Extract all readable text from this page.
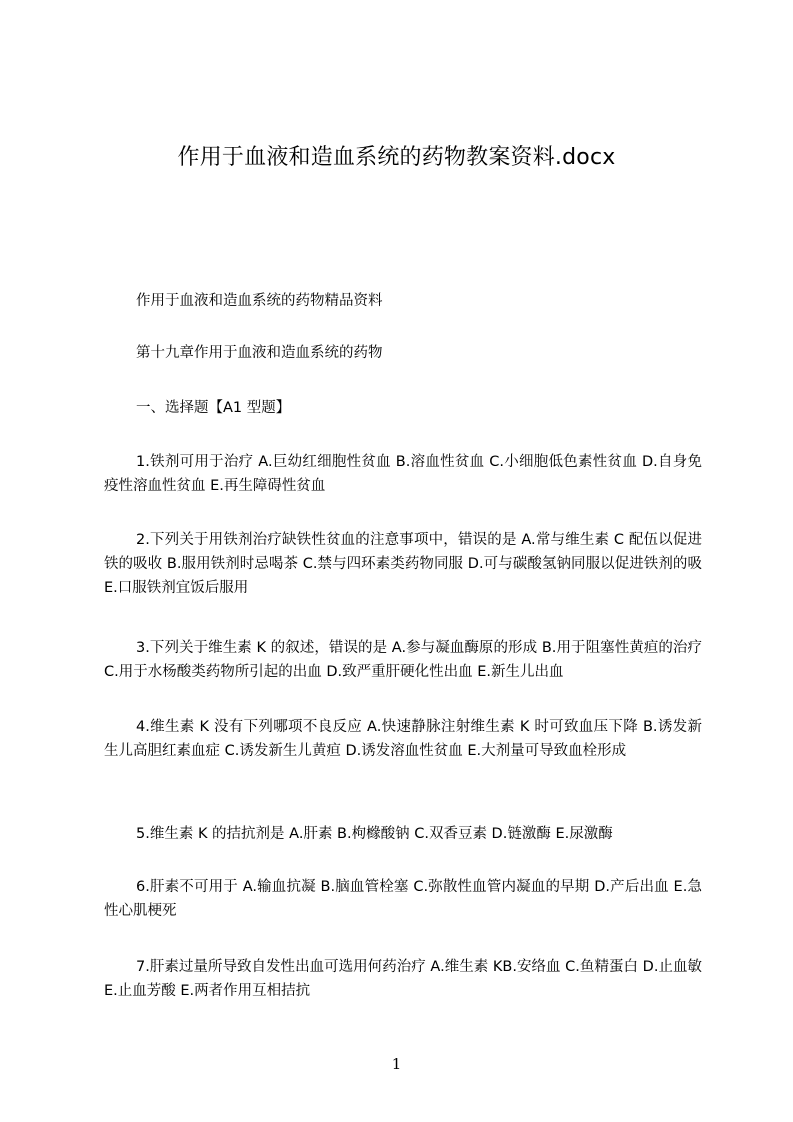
作用于血液和造血系统的药物教案资料.docx
作用于血液和造血系统的药物精品资料
第十九章作用于血液和造血系统的药物
一、选择题【A1 型题】
1.铁剂可用于治疗 A.巨幼红细胞性贫血 B.溶血性贫血 C.小细胞低色素性贫血 D.自身免疫性溶血性贫血 E.再生障碍性贫血
2.下列关于用铁剂治疗缺铁性贫血的注意事项中，错误的是 A.常与维生素 C 配伍以促进铁的吸收 B.服用铁剂时忌喝茶 C.禁与四环素类药物同服 D.可与碳酸氢钠同服以促进铁剂的吸 E.口服铁剂宜饭后服用
3.下列关于维生素 K 的叙述，错误的是 A.参与凝血酶原的形成 B.用于阻塞性黄疸的治疗 C.用于水杨酸类药物所引起的出血 D.致严重肝硬化性出血 E.新生儿出血
4.维生素 K 没有下列哪项不良反应 A.快速静脉注射维生素 K 时可致血压下降 B.诱发新生儿高胆红素血症 C.诱发新生儿黄疸 D.诱发溶血性贫血 E.大剂量可导致血栓形成
5.维生素 K 的拮抗剂是 A.肝素 B.枸橼酸钠 C.双香豆素 D.链激酶 E.尿激酶
6.肝素不可用于 A.输血抗凝 B.脑血管栓塞 C.弥散性血管内凝血的早期 D.产后出血 E.急性心肌梗死
7.肝素过量所导致自发性出血可选用何药治疗 A.维生素 KB.安络血 C.鱼精蛋白 D.止血敏 E.止血芳酸 E.两者作用互相拮抗
1
